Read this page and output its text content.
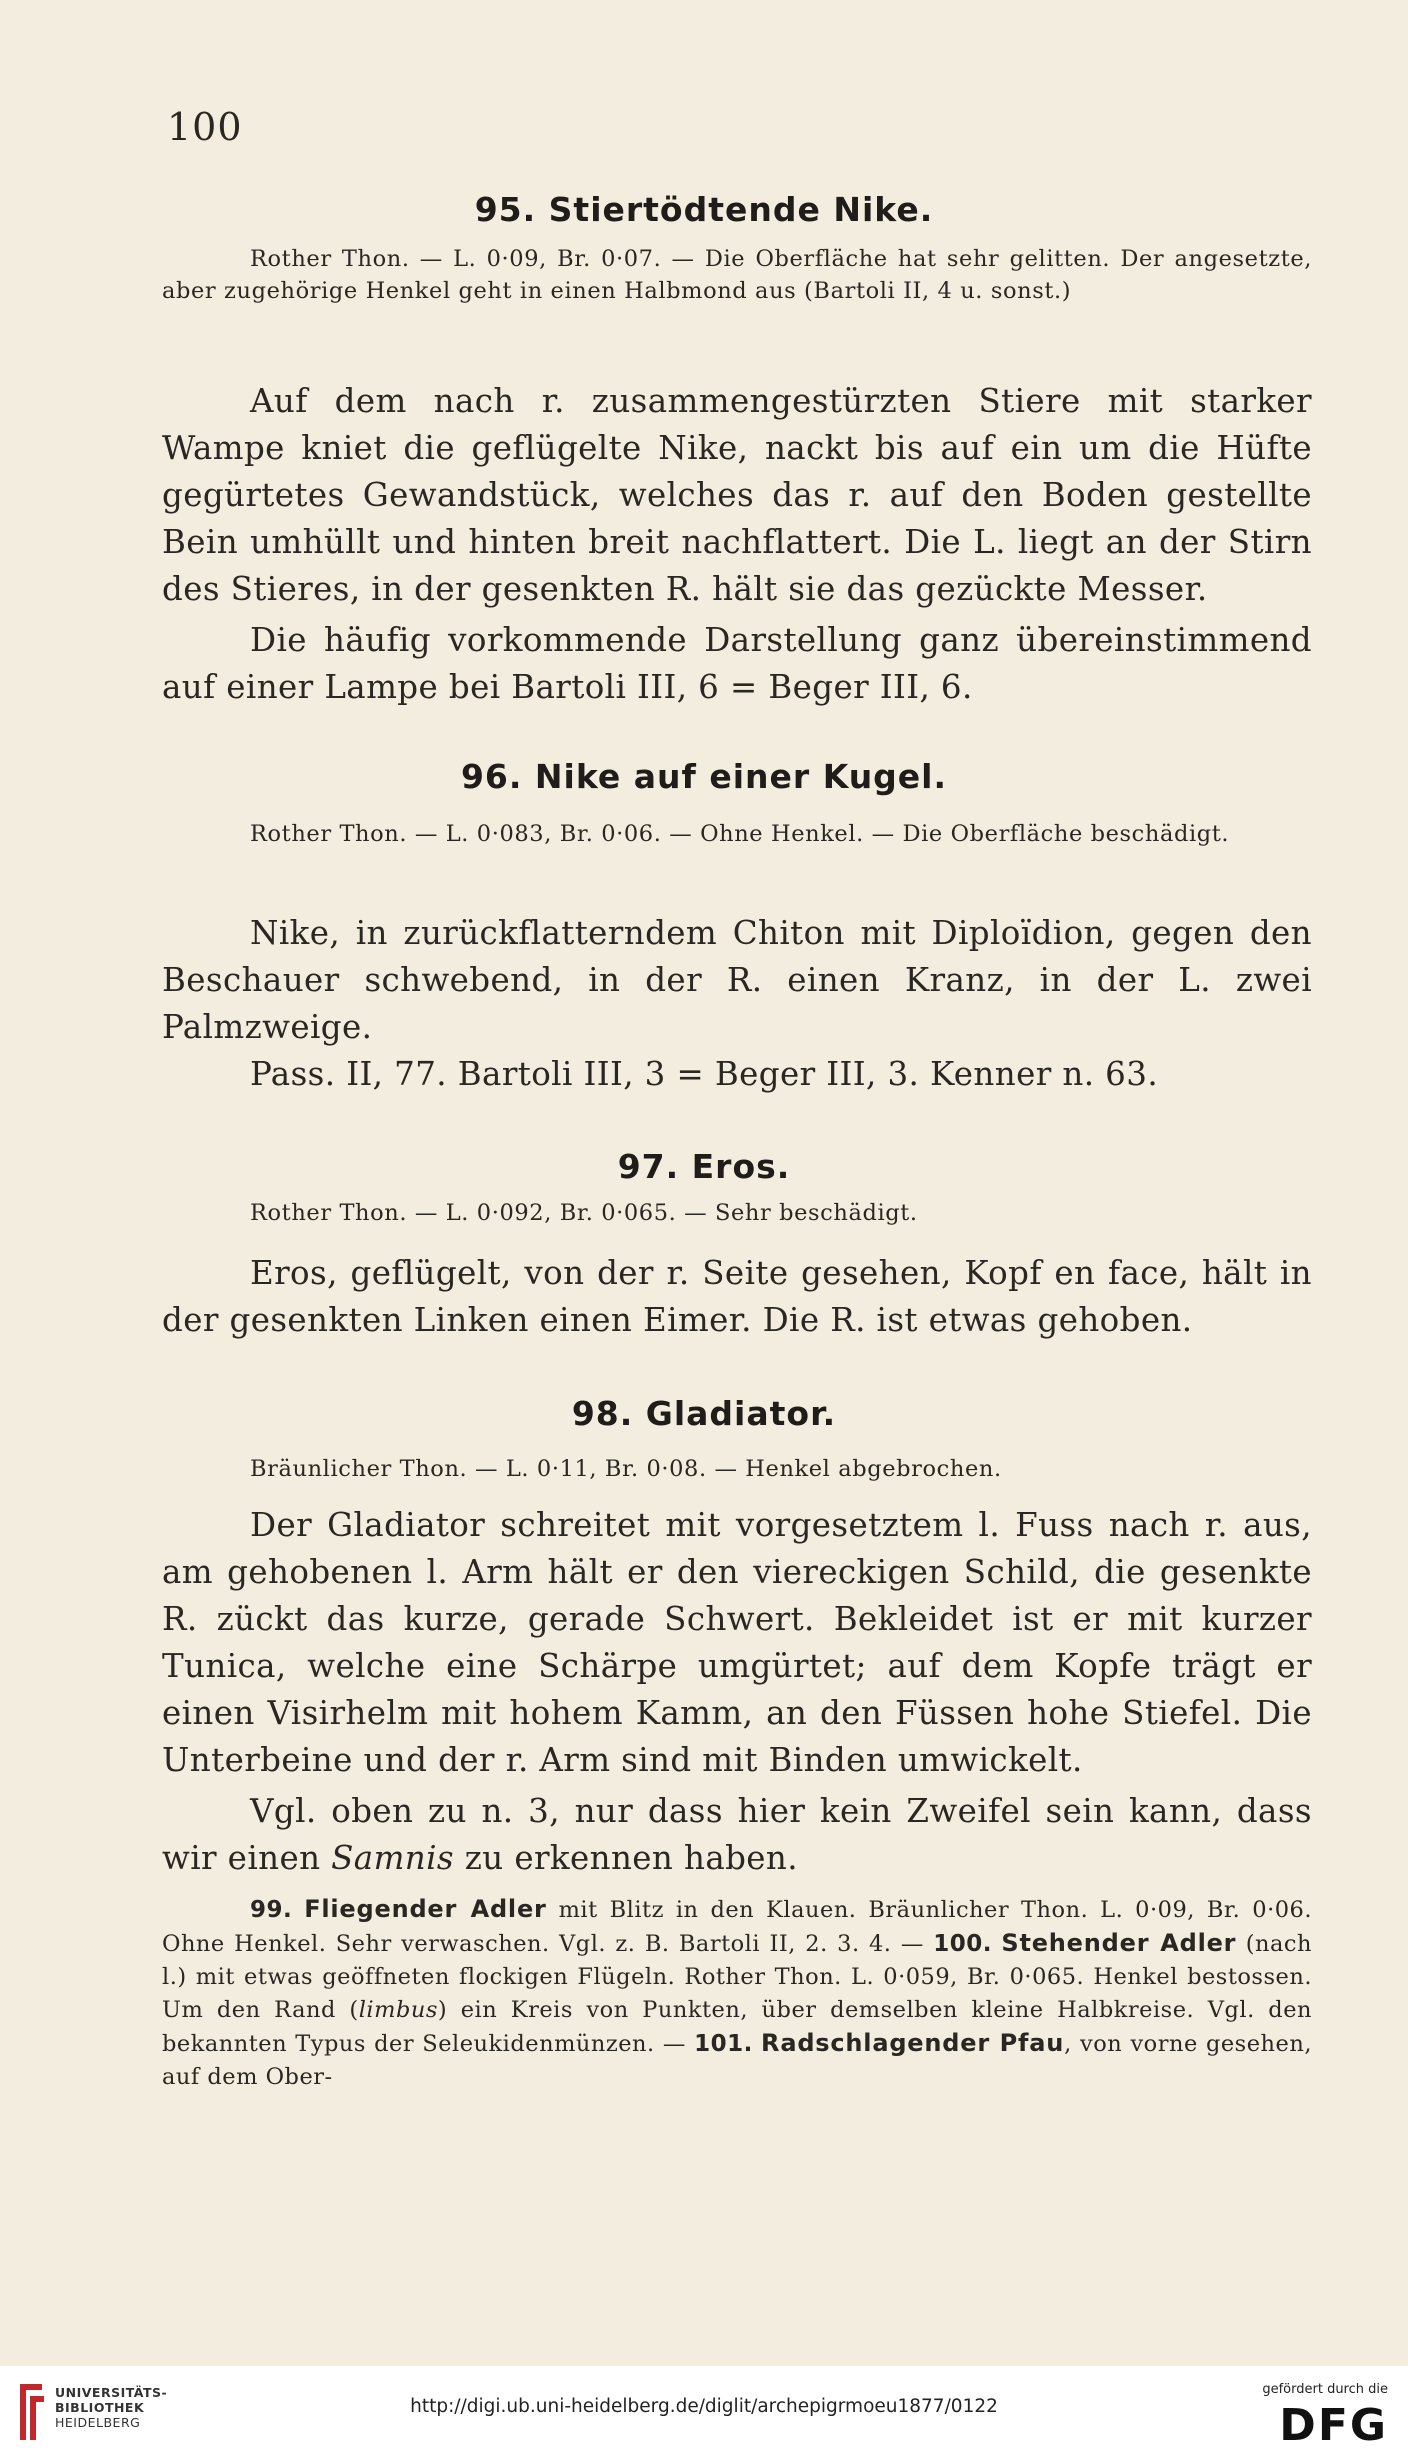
100
95. Stiertödtende Nike.
Rother Thon. — L. 0·09, Br. 0·07. — Die Oberfläche hat sehr gelitten. Der angesetzte, aber zugehörige Henkel geht in einen Halbmond aus (Bartoli II, 4 u. sonst.)
Auf dem nach r. zusammengestürzten Stiere mit starker Wampe kniet die geflügelte Nike, nackt bis auf ein um die Hüfte gegürtetes Gewandstück, welches das r. auf den Boden gestellte Bein umhüllt und hinten breit nachflattert. Die L. liegt an der Stirn des Stieres, in der gesenkten R. hält sie das gezückte Messer.
Die häufig vorkommende Darstellung ganz übereinstimmend auf einer Lampe bei Bartoli III, 6 = Beger III, 6.
96. Nike auf einer Kugel.
Rother Thon. — L. 0·083, Br. 0·06. — Ohne Henkel. — Die Oberfläche beschädigt.
Nike, in zurückflatterndem Chiton mit Diploïdion, gegen den Beschauer schwebend, in der R. einen Kranz, in der L. zwei Palmzweige.
Pass. II, 77. Bartoli III, 3 = Beger III, 3. Kenner n. 63.
97. Eros.
Rother Thon. — L. 0·092, Br. 0·065. — Sehr beschädigt.
Eros, geflügelt, von der r. Seite gesehen, Kopf en face, hält in der gesenkten Linken einen Eimer. Die R. ist etwas gehoben.
98. Gladiator.
Bräunlicher Thon. — L. 0·11, Br. 0·08. — Henkel abgebrochen.
Der Gladiator schreitet mit vorgesetztem l. Fuss nach r. aus, am gehobenen l. Arm hält er den viereckigen Schild, die gesenkte R. zückt das kurze, gerade Schwert. Bekleidet ist er mit kurzer Tunica, welche eine Schärpe umgürtet; auf dem Kopfe trägt er einen Visirhelm mit hohem Kamm, an den Füssen hohe Stiefel. Die Unterbeine und der r. Arm sind mit Binden umwickelt.
Vgl. oben zu n. 3, nur dass hier kein Zweifel sein kann, dass wir einen Samnis zu erkennen haben.
99. Fliegender Adler mit Blitz in den Klauen. Bräunlicher Thon. L. 0·09, Br. 0·06. Ohne Henkel. Sehr verwaschen. Vgl. z. B. Bartoli II, 2. 3. 4. — 100. Stehender Adler (nach l.) mit etwas geöffneten flockigen Flügeln. Rother Thon. L. 0·059, Br. 0·065. Henkel bestossen. Um den Rand (limbus) ein Kreis von Punkten, über demselben kleine Halbkreise. Vgl. den bekannten Typus der Seleukidenmünzen. — 101. Radschlagender Pfau, von vorne gesehen, auf dem Ober-
UNIVERSITÄTS-
BIBLIOTHEK
HEIDELBERG
http://digi.ub.uni-heidelberg.de/diglit/archepigrmoeu1877/0122
gefördert durch die
DFG
